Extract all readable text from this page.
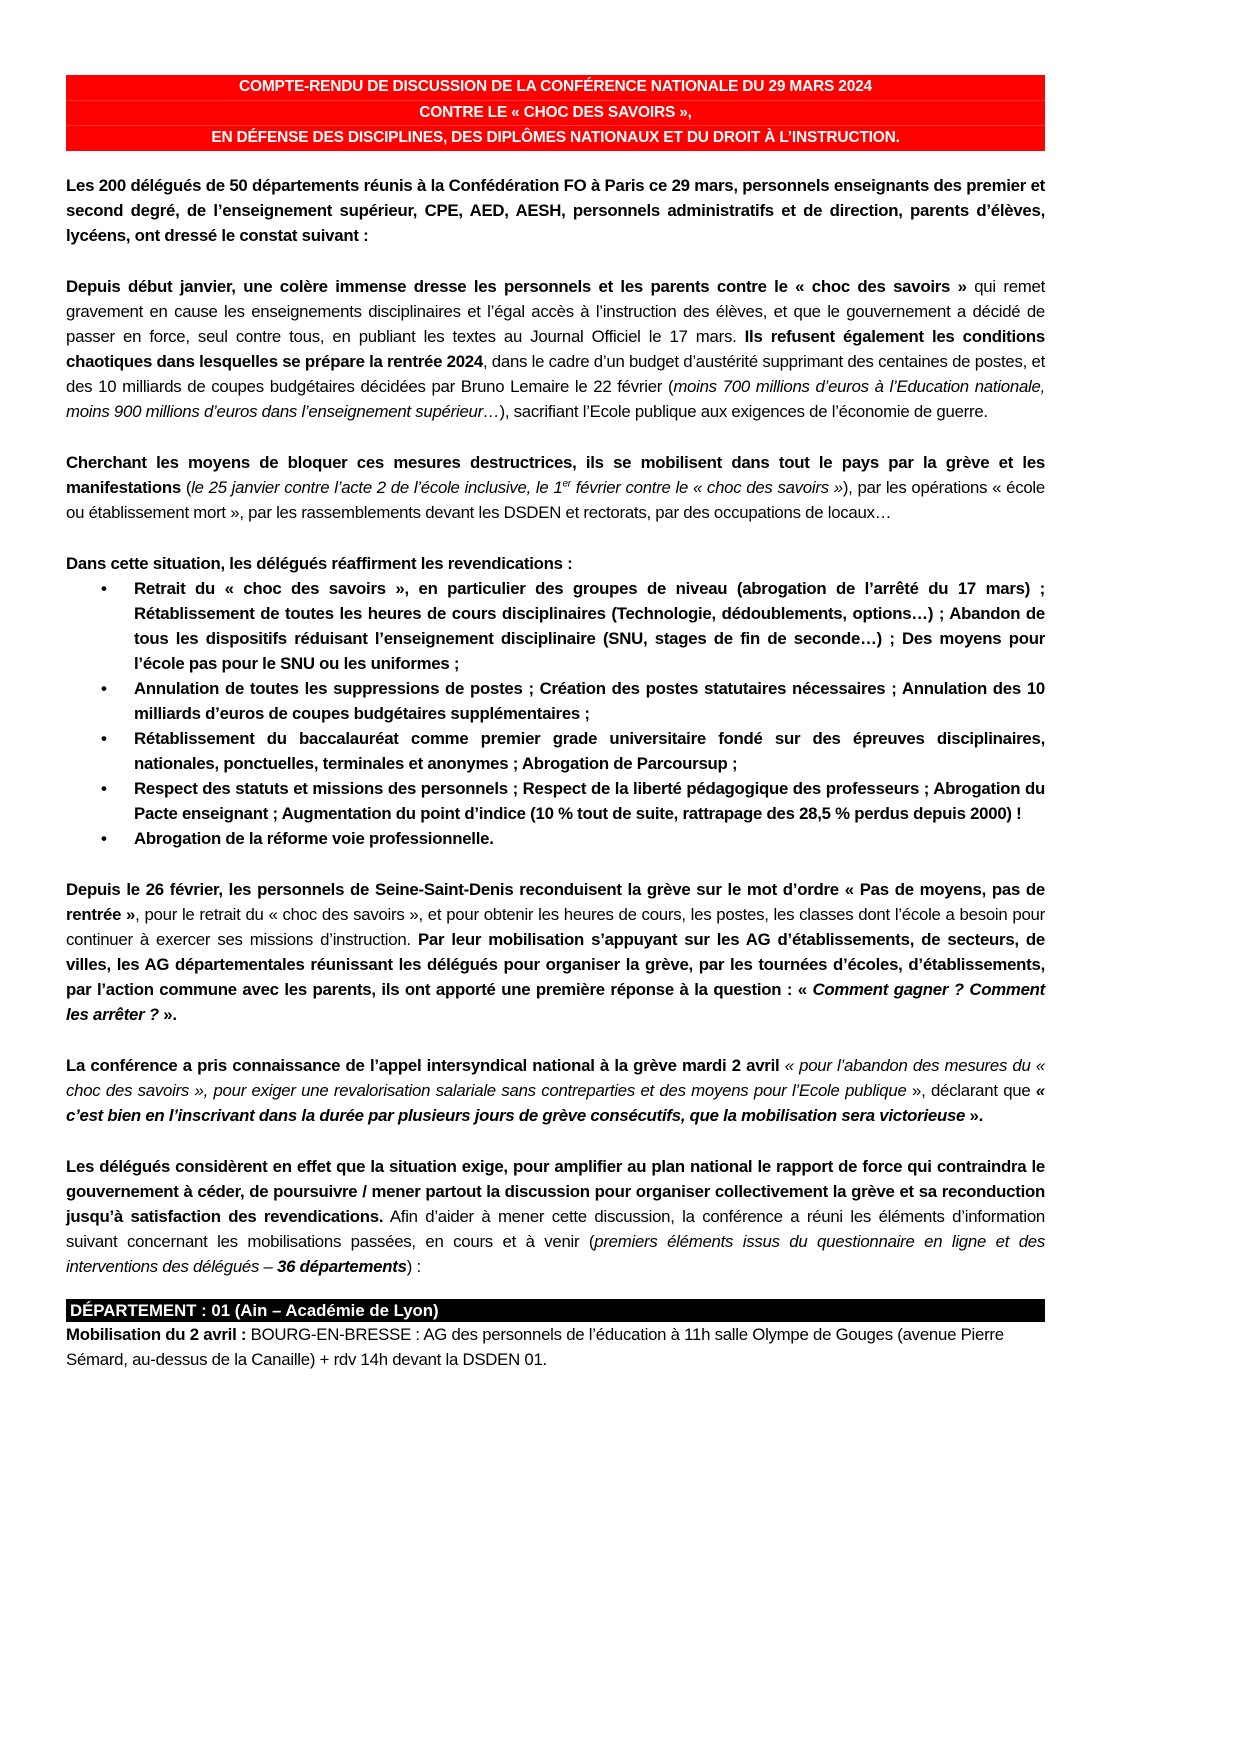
COMPTE-RENDU DE DISCUSSION DE LA CONFÉRENCE NATIONALE DU 29 MARS 2024
CONTRE LE « CHOC DES SAVOIRS »,
EN DÉFENSE DES DISCIPLINES, DES DIPLÔMES NATIONAUX ET DU DROIT À L’INSTRUCTION.

Les 200 délégués de 50 départements réunis à la Confédération FO à Paris ce 29 mars, personnels enseignants des premier et second degré, de l’enseignement supérieur, CPE, AED, AESH, personnels administratifs et de direction, parents d’élèves, lycéens, ont dressé le constat suivant :

Depuis début janvier, une colère immense dresse les personnels et les parents contre le « choc des savoirs » qui remet gravement en cause les enseignements disciplinaires et l’égal accès à l’instruction des élèves, et que le gouvernement a décidé de passer en force, seul contre tous, en publiant les textes au Journal Officiel le 17 mars. Ils refusent également les conditions chaotiques dans lesquelles se prépare la rentrée 2024, dans le cadre d’un budget d’austérité supprimant des centaines de postes, et des 10 milliards de coupes budgétaires décidées par Bruno Lemaire le 22 février (moins 700 millions d’euros à l’Education nationale, moins 900 millions d’euros dans l’enseignement supérieur…), sacrifiant l’Ecole publique aux exigences de l’économie de guerre.

Cherchant les moyens de bloquer ces mesures destructrices, ils se mobilisent dans tout le pays par la grève et les manifestations (le 25 janvier contre l’acte 2 de l’école inclusive, le 1er février contre le « choc des savoirs »), par les opérations « école ou établissement mort », par les rassemblements devant les DSDEN et rectorats, par des occupations de locaux…

Dans cette situation, les délégués réaffirment les revendications :

• Retrait du « choc des savoirs », en particulier des groupes de niveau (abrogation de l’arrêté du 17 mars) ; Rétablissement de toutes les heures de cours disciplinaires (Technologie, dédoublements, options…) ; Abandon de tous les dispositifs réduisant l’enseignement disciplinaire (SNU, stages de fin de seconde…) ; Des moyens pour l’école pas pour le SNU ou les uniformes ;
• Annulation de toutes les suppressions de postes ; Création des postes statutaires nécessaires ; Annulation des 10 milliards d’euros de coupes budgétaires supplémentaires ;
• Rétablissement du baccalauréat comme premier grade universitaire fondé sur des épreuves disciplinaires, nationales, ponctuelles, terminales et anonymes ; Abrogation de Parcoursup ;
• Respect des statuts et missions des personnels ; Respect de la liberté pédagogique des professeurs ; Abrogation du Pacte enseignant ; Augmentation du point d’indice (10 % tout de suite, rattrapage des 28,5 % perdus depuis 2000) !
• Abrogation de la réforme voie professionnelle.

Depuis le 26 février, les personnels de Seine-Saint-Denis reconduisent la grève sur le mot d’ordre « Pas de moyens, pas de rentrée », pour le retrait du « choc des savoirs », et pour obtenir les heures de cours, les postes, les classes dont l’école a besoin pour continuer à exercer ses missions d’instruction. Par leur mobilisation s’appuyant sur les AG d’établissements, de secteurs, de villes, les AG départementales réunissant les délégués pour organiser la grève, par les tournées d’écoles, d’établissements, par l’action commune avec les parents, ils ont apporté une première réponse à la question : « Comment gagner ? Comment les arrêter ? ».

La conférence a pris connaissance de l’appel intersyndical national à la grève mardi 2 avril « pour l’abandon des mesures du « choc des savoirs », pour exiger une revalorisation salariale sans contreparties et des moyens pour l’Ecole publique », déclarant que « c’est bien en l’inscrivant dans la durée par plusieurs jours de grève consécutifs, que la mobilisation sera victorieuse ».

Les délégués considèrent en effet que la situation exige, pour amplifier au plan national le rapport de force qui contraindra le gouvernement à céder, de poursuivre / mener partout la discussion pour organiser collectivement la grève et sa reconduction jusqu’à satisfaction des revendications. Afin d’aider à mener cette discussion, la conférence a réuni les éléments d’information suivant concernant les mobilisations passées, en cours et à venir (premiers éléments issus du questionnaire en ligne et des interventions des délégués – 36 départements) :

DÉPARTEMENT : 01 (Ain – Académie de Lyon)

Mobilisation du 2 avril : BOURG-EN-BRESSE : AG des personnels de l’éducation à 11h salle Olympe de Gouges (avenue Pierre Sémard, au-dessus de la Canaille) + rdv 14h devant la DSDEN 01.
